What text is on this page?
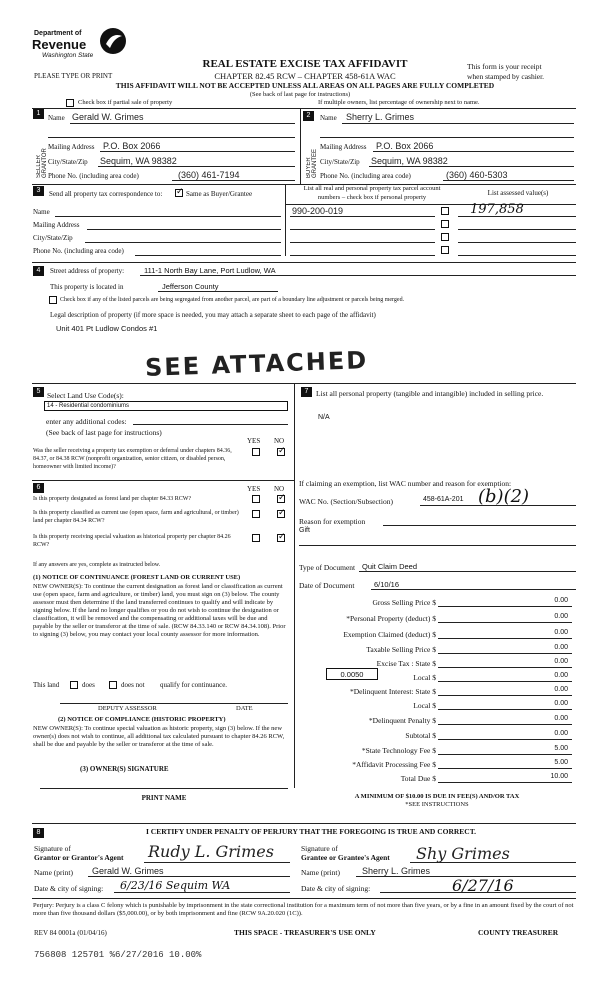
Department of
Revenue
Washington State
REAL ESTATE EXCISE TAX AFFIDAVIT
CHAPTER 82.45 RCW – CHAPTER 458-61A WAC
PLEASE TYPE OR PRINT
This form is your receipt
when stamped by cashier.
THIS AFFIDAVIT WILL NOT BE ACCEPTED UNLESS ALL AREAS ON ALL PAGES ARE FULLY COMPLETED
(See back of last page for instructions)
Check box if partial sale of property	If multiple owners, list percentage of ownership next to name.
1
SELLER GRANTOR
Name Gerald W. Grimes
Mailing Address P.O. Box 2066
City/State/Zip Sequim, WA 98382
Phone No. (including area code)	(360) 461-7194
2
BUYER GRANTEE
Name Sherry L. Grimes
Mailing Address P.O. Box 2066
City/State/Zip Sequim, WA 98382
Phone No. (including area code)	(360) 460-5303
3	Send all property tax correspondence to:
✓	Same as Buyer/Grantee
List all real and personal property tax parcel account
numbers – check box if personal property
List assessed value(s)
Name
Mailing Address
City/State/Zip
Phone No. (including area code)
990-200-019	197,858
4	Street address of property:	111-1 North Bay Lane, Port Ludlow, WA
This property is located in	Jefferson County
Check box if any of the listed parcels are being segregated from another parcel, are part of a boundary line adjustment or parcels being merged.
Legal description of property (if more space is needed, you may attach a separate sheet to each page of the affidavit)
Unit 401 Pt Ludlow Condos #1
SEE ATTACHED
5 Select Land Use Code(s):
14 - Residential condominiums
enter any additional codes:
(See back of last page for instructions)
YES NO
Was the seller receiving a property tax exemption or deferral under chapters 84.36, 84.37, or 84.38 RCW (nonprofit organization, senior citizen, or disabled person, homeowner with limited income)?
✓
7	List all personal property (tangible and intangible) included in selling price.
N/A
6	YES NO
Is this property designated as forest land per chapter 84.33 RCW?
✓
Is this property classified as current use (open space, farm and agricultural, or timber) land per chapter 84.34 RCW?
✓
Is this property receiving special valuation as historical property per chapter 84.26 RCW?
✓
If any answers are yes, complete as instructed below.
(1) NOTICE OF CONTINUANCE (FOREST LAND OR CURRENT USE)
NEW OWNER(S): To continue the current designation as forest land or classification as current use (open space, farm and agriculture, or timber) land, you must sign on (3) below. The county assessor must then determine if the land transferred continues to qualify and will indicate by signing below. If the land no longer qualifies or you do not wish to continue the designation or classification, it will be removed and the compensating or additional taxes will be due and payable by the seller or transferor at the time of sale. (RCW 84.33.140 or RCW 84.34.108). Prior to signing (3) below, you may contact your local county assessor for more information.
This land	does	does not qualify for continuance.
DEPUTY ASSESSOR	DATE
(2) NOTICE OF COMPLIANCE (HISTORIC PROPERTY)
NEW OWNER(S): To continue special valuation as historic property, sign (3) below. If the new owner(s) does not wish to continue, all additional tax calculated pursuant to chapter 84.26 RCW, shall be due and payable by the seller or transferor at the time of sale.
(3) OWNER(S) SIGNATURE
PRINT NAME
If claiming an exemption, list WAC number and reason for exemption:
WAC No. (Section/Subsection)	458-61A-201 (b)(2)
Reason for exemption
Gift
Type of Document Quit Claim Deed
Date of Document	6/10/16
Gross Selling Price $	0.00
*Personal Property (deduct) $	0.00
Exemption Claimed (deduct) $	0.00
Taxable Selling Price $	0.00
Excise Tax : State $	0.00
0.0050	Local $	0.00
*Delinquent Interest: State $	0.00
Local $	0.00
*Delinquent Penalty $	0.00
Subtotal $	0.00
*State Technology Fee $	5.00
*Affidavit Processing Fee $	5.00
Total Due $	10.00
A MINIMUM OF $10.00 IS DUE IN FEE(S) AND/OR TAX
*SEE INSTRUCTIONS
8	I CERTIFY UNDER PENALTY OF PERJURY THAT THE FOREGOING IS TRUE AND CORRECT.
Signature of
Grantor or Grantor's Agent Rudy L. Grimes	Signature of
Grantee or Grantee's Agent Shy Grimes
Name (print) Gerald W. Grimes	Name (print) Sherry L. Grimes
Date & city of signing: 6/23/16 Sequim WA	Date & city of signing:	6/27/16
Perjury: Perjury is a class C felony which is punishable by imprisonment in the state correctional institution for a maximum term of not more than five years, or by a fine in an amount fixed by the court of not more than five thousand dollars ($5,000.00), or by both imprisonment and fine (RCW 9A.20.020 (1C)).
REV 84 0001a (01/04/16)	THIS SPACE - TREASURER'S USE ONLY	COUNTY TREASURER
756808 125701 %6/27/2016 10.00%
